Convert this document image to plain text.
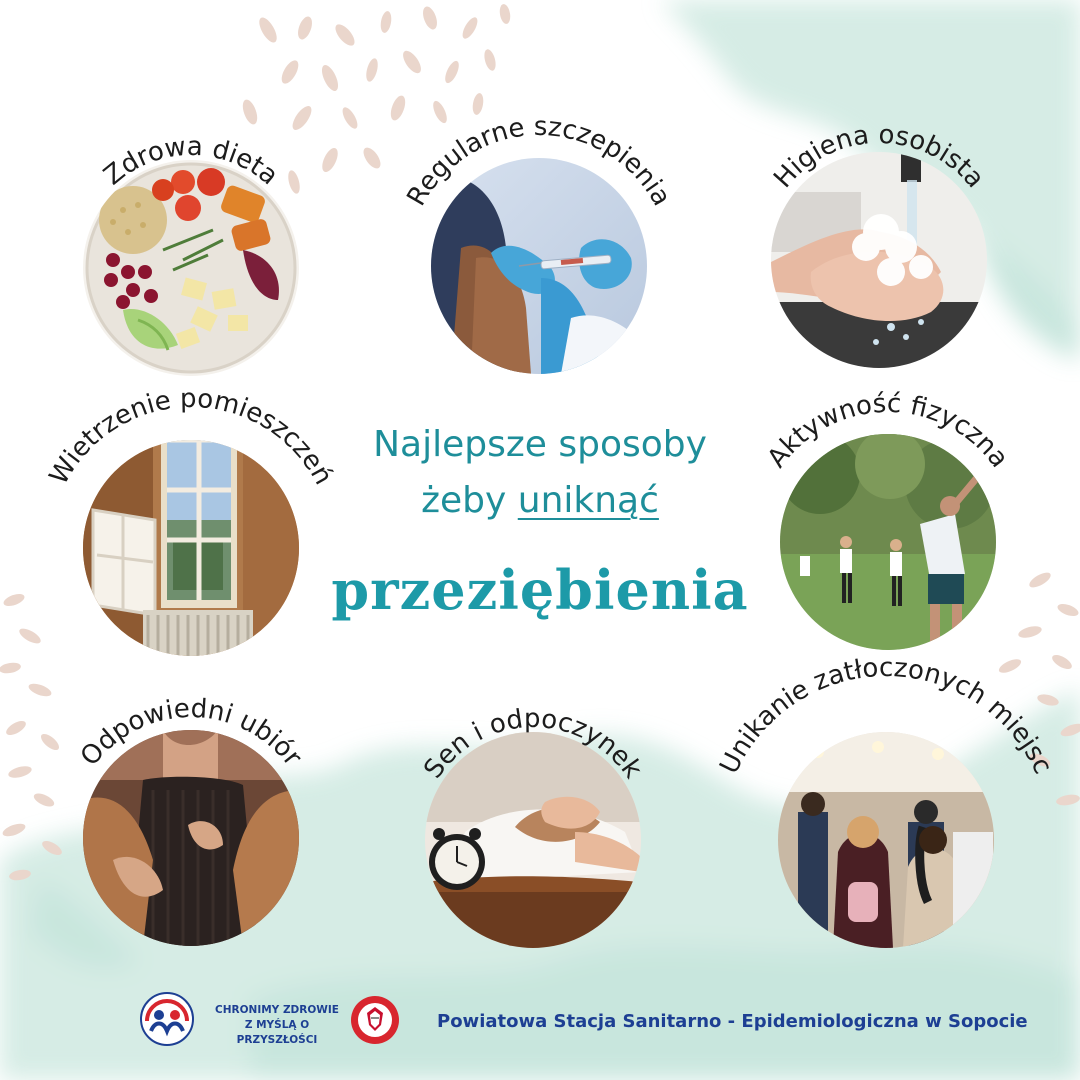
Zdrowa dieta
Regularne szczepienia
Higiena osobista
Wietrzenie pomieszczeń
Aktywność fizyczna
Odpowiedni ubiór	Sen i odpoczynek	Unikanie zatłoczonych miejsc
Najlepsze sposoby
żeby uniknąć
przeziębienia
CHRONIMY ZDROWIE
Z MYŚLĄ O PRZYSZŁOŚCI
Powiatowa Stacja Sanitarno - Epidemiologiczna w Sopocie
